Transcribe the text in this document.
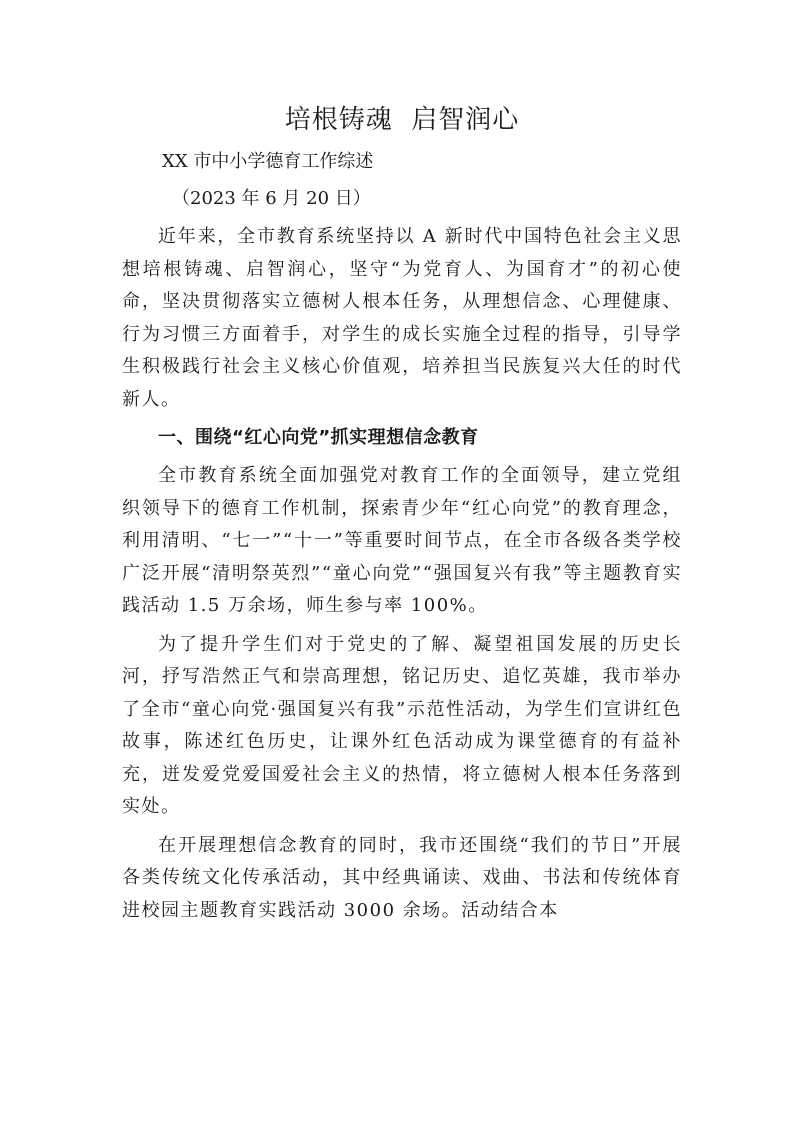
培根铸魂  启智润心

XX 市中小学德育工作综述

（2023 年 6 月 20 日）

近年来，全市教育系统坚持以 A 新时代中国特色社会主义思想培根铸魂、启智润心，坚守“为党育人、为国育才”的初心使命，坚决贯彻落实立德树人根本任务，从理想信念、心理健康、行为习惯三方面着手，对学生的成长实施全过程的指导，引导学生积极践行社会主义核心价值观，培养担当民族复兴大任的时代新人。

一、围绕“红心向党”抓实理想信念教育

全市教育系统全面加强党对教育工作的全面领导，建立党组织领导下的德育工作机制，探索青少年“红心向党”的教育理念，利用清明、“七一”“十一”等重要时间节点，在全市各级各类学校广泛开展“清明祭英烈”“童心向党”“强国复兴有我”等主题教育实践活动 1.5 万余场，师生参与率 100%。

为了提升学生们对于党史的了解、凝望祖国发展的历史长河，抒写浩然正气和崇高理想，铭记历史、追忆英雄，我市举办了全市“童心向党·强国复兴有我”示范性活动，为学生们宣讲红色故事，陈述红色历史，让课外红色活动成为课堂德育的有益补充，迸发爱党爱国爱社会主义的热情，将立德树人根本任务落到实处。

在开展理想信念教育的同时，我市还围绕“我们的节日”开展各类传统文化传承活动，其中经典诵读、戏曲、书法和传统体育进校园主题教育实践活动 3000 余场。活动结合本
